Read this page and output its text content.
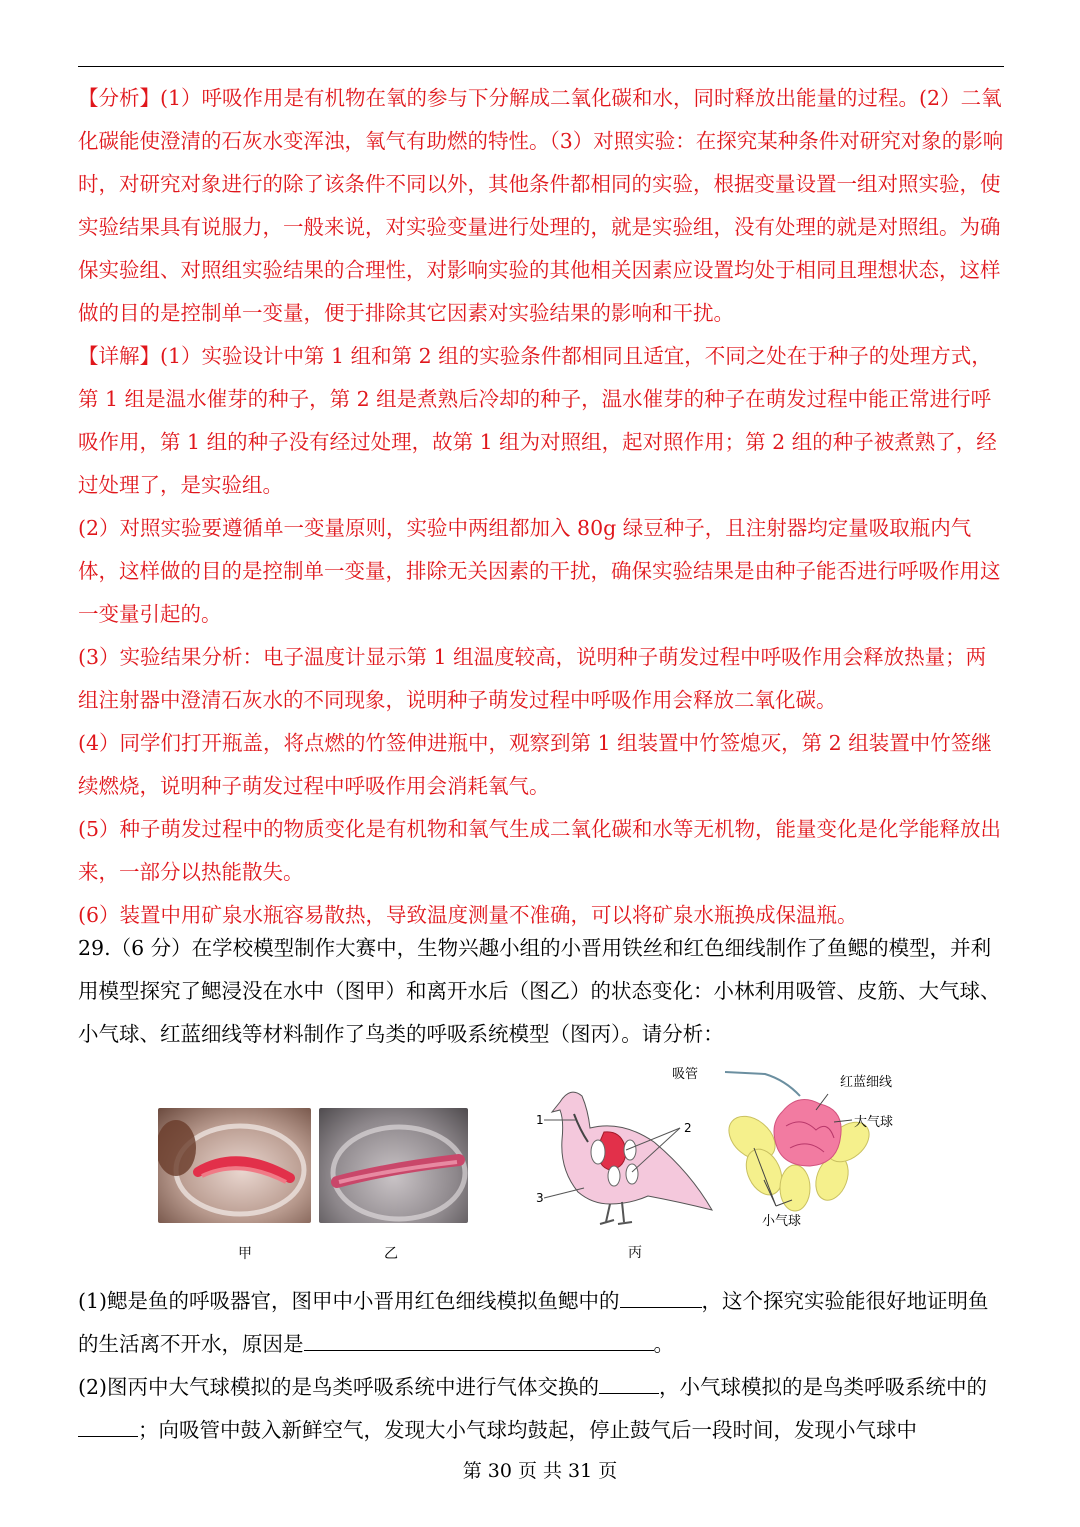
【分析】(1）呼吸作用是有机物在氧的参与下分解成二氧化碳和水，同时释放出能量的过程。(2）二氧化碳能使澄清的石灰水变浑浊，氧气有助燃的特性。（3）对照实验：在探究某种条件对研究对象的影响时，对研究对象进行的除了该条件不同以外，其他条件都相同的实验，根据变量设置一组对照实验，使实验结果具有说服力，一般来说，对实验变量进行处理的，就是实验组，没有处理的就是对照组。为确保实验组、对照组实验结果的合理性，对影响实验的其他相关因素应设置均处于相同且理想状态，这样做的目的是控制单一变量，便于排除其它因素对实验结果的影响和干扰。

【详解】(1）实验设计中第 1 组和第 2 组的实验条件都相同且适宜，不同之处在于种子的处理方式，第 1 组是温水催芽的种子，第 2 组是煮熟后冷却的种子，温水催芽的种子在萌发过程中能正常进行呼吸作用，第 1 组的种子没有经过处理，故第 1 组为对照组，起对照作用；第 2 组的种子被煮熟了，经过处理了，是实验组。

(2）对照实验要遵循单一变量原则，实验中两组都加入 80g 绿豆种子，且注射器均定量吸取瓶内气体，这样做的目的是控制单一变量，排除无关因素的干扰，确保实验结果是由种子能否进行呼吸作用这一变量引起的。

(3）实验结果分析：电子温度计显示第 1 组温度较高，说明种子萌发过程中呼吸作用会释放热量；两组注射器中澄清石灰水的不同现象，说明种子萌发过程中呼吸作用会释放二氧化碳。

(4）同学们打开瓶盖，将点燃的竹签伸进瓶中，观察到第 1 组装置中竹签熄灭，第 2 组装置中竹签继续燃烧，说明种子萌发过程中呼吸作用会消耗氧气。

(5）种子萌发过程中的物质变化是有机物和氧气生成二氧化碳和水等无机物，能量变化是化学能释放出来，一部分以热能散失。

(6）装置中用矿泉水瓶容易散热，导致温度测量不准确，可以将矿泉水瓶换成保温瓶。

29.（6 分）在学校模型制作大赛中，生物兴趣小组的小晋用铁丝和红色细线制作了鱼鳃的模型，并利用模型探究了鳃浸没在水中（图甲）和离开水后（图乙）的状态变化：小林利用吸管、皮筋、大气球、小气球、红蓝细线等材料制作了鸟类的呼吸系统模型（图丙）。请分析：

甲	乙
1
2
3
丙
吸管
红蓝细线
大气球
小气球

(1)鳃是鱼的呼吸器官，图甲中小晋用红色细线模拟鱼鳃中的	，这个探究实验能很好地证明鱼的生活离不开水，原因是	。

(2)图丙中大气球模拟的是鸟类呼吸系统中进行气体交换的	，小气球模拟的是鸟类呼吸系统中的；向吸管中鼓入新鲜空气，发现大小气球均鼓起，停止鼓气后一段时间，发现小气球中

第 30 页 共 31 页
